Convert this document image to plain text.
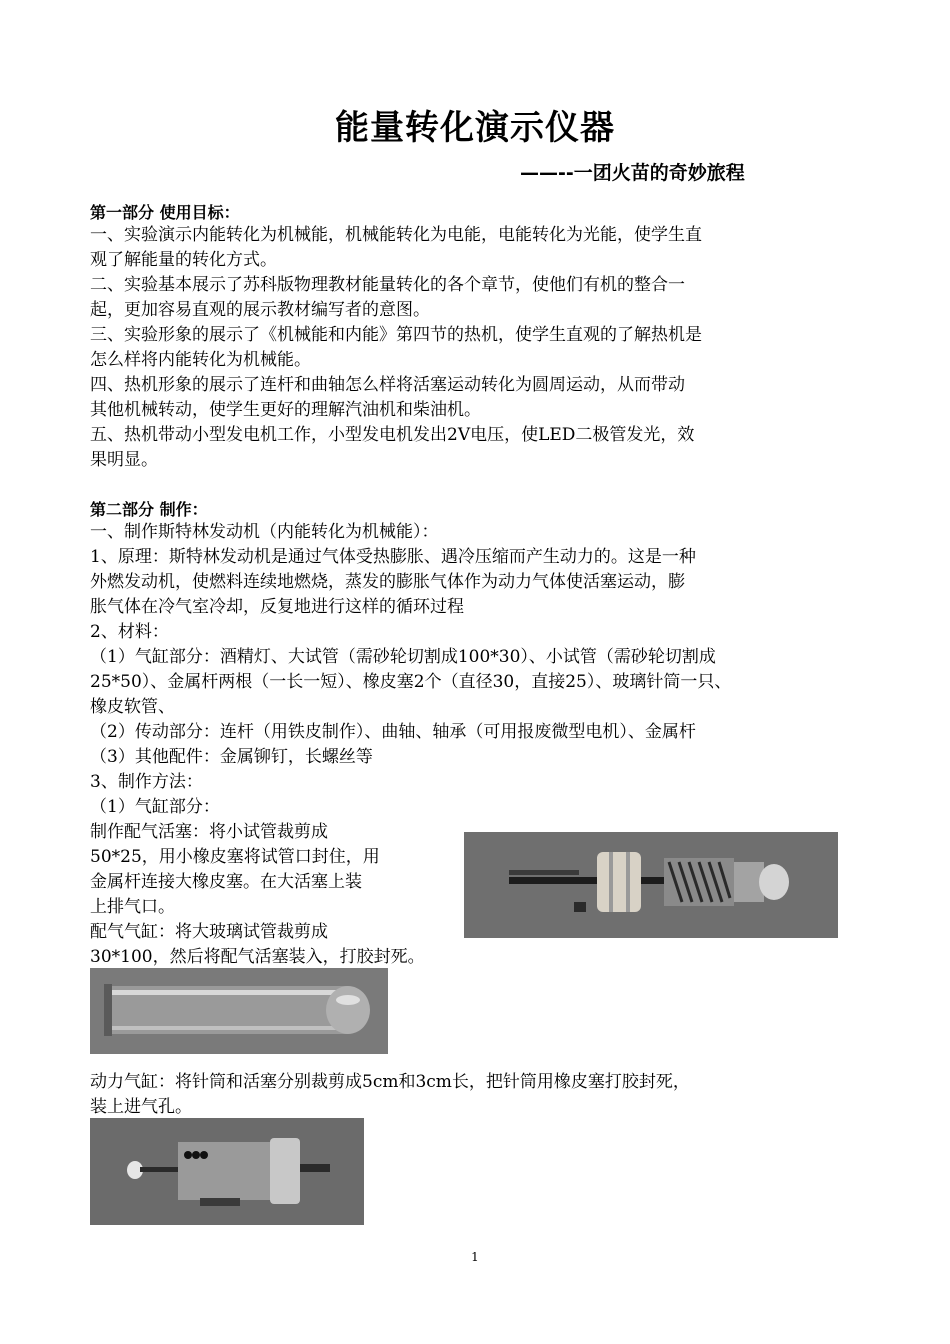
能量转化演示仪器
——--一团火苗的奇妙旅程
第一部分 使用目标：
一、实验演示内能转化为机械能，机械能转化为电能，电能转化为光能，使学生直
观了解能量的转化方式。
二、实验基本展示了苏科版物理教材能量转化的各个章节，使他们有机的整合一
起，更加容易直观的展示教材编写者的意图。
三、实验形象的展示了《机械能和内能》第四节的热机，使学生直观的了解热机是
怎么样将内能转化为机械能。
四、热机形象的展示了连杆和曲轴怎么样将活塞运动转化为圆周运动，从而带动
其他机械转动，使学生更好的理解汽油机和柴油机。
五、热机带动小型发电机工作，小型发电机发出2V电压，使LED二极管发光，效
果明显。
第二部分 制作：
一、制作斯特林发动机（内能转化为机械能）：
1、原理：斯特林发动机是通过气体受热膨胀、遇冷压缩而产生动力的。这是一种
外燃发动机，使燃料连续地燃烧，蒸发的膨胀气体作为动力气体使活塞运动，膨
胀气体在冷气室冷却，反复地进行这样的循环过程
2、材料：
（1）气缸部分：酒精灯、大试管（需砂轮切割成100*30）、小试管（需砂轮切割成
25*50）、金属杆两根（一长一短）、橡皮塞2个（直径30，直接25）、玻璃针筒一只、
橡皮软管、
（2）传动部分：连杆（用铁皮制作）、曲轴、轴承（可用报废微型电机）、金属杆
（3）其他配件：金属铆钉，长螺丝等
3、制作方法：
（1）气缸部分：
制作配气活塞：将小试管裁剪成
50*25，用小橡皮塞将试管口封住，用
金属杆连接大橡皮塞。在大活塞上装
上排气口。
配气气缸：将大玻璃试管裁剪成
30*100，然后将配气活塞装入，打胶封死。
动力气缸：将针筒和活塞分别裁剪成5cm和3cm长，把针筒用橡皮塞打胶封死，
装上进气孔。
1
